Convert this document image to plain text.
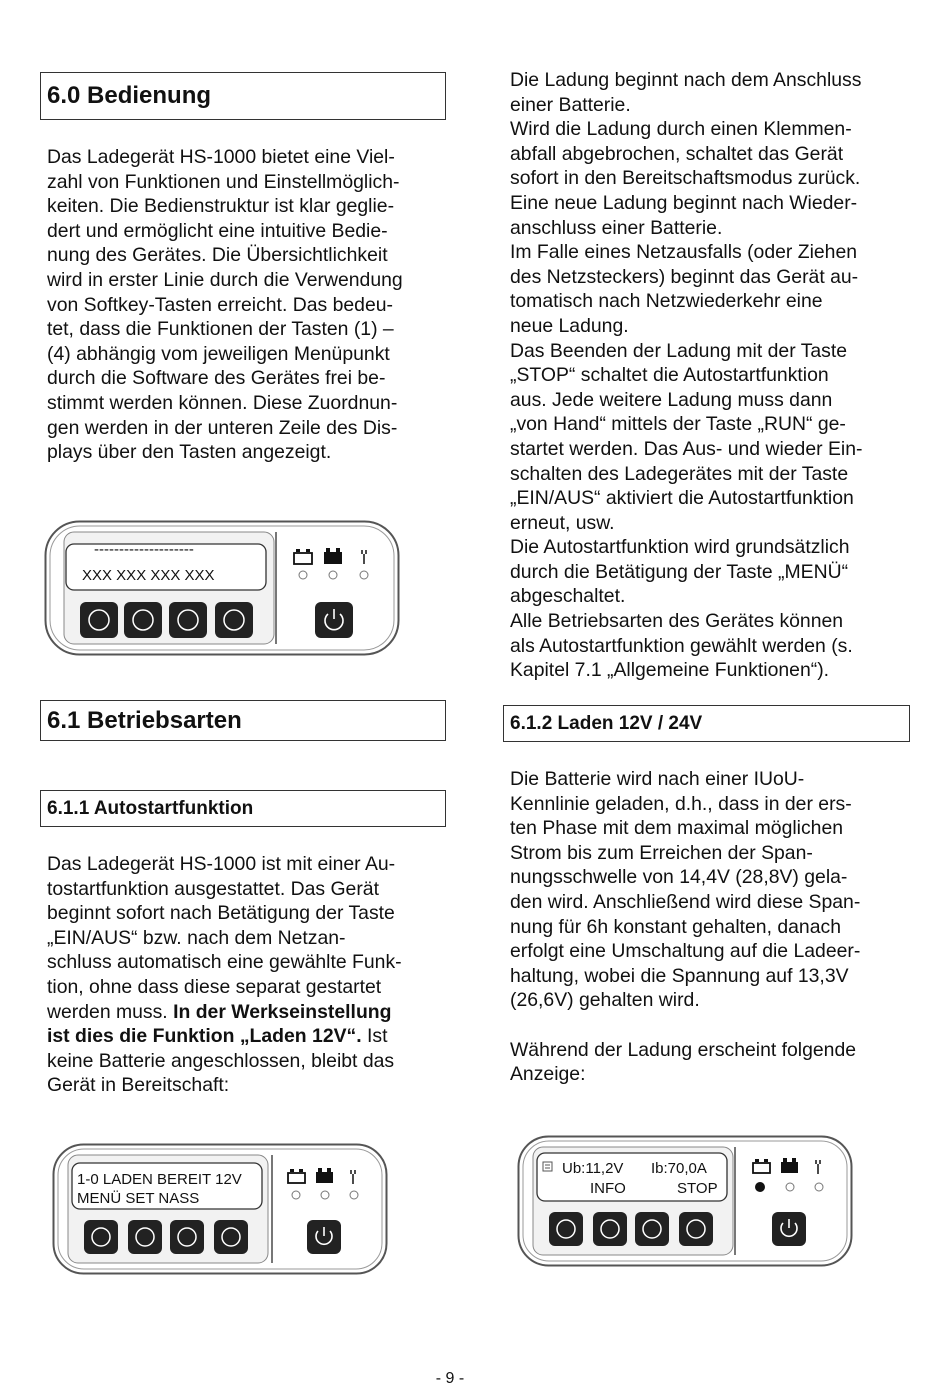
6.0 Bedienung

Das Ladegerät HS-1000 bietet eine Viel-
zahl von Funktionen und Einstellmöglich-
keiten. Die Bedienstruktur ist klar geglie-
dert und ermöglicht eine intuitive Bedie-
nung des Gerätes. Die Übersichtlichkeit
wird in erster Linie durch die Verwendung
von Softkey-Tasten erreicht. Das bedeu-
tet, dass die Funktionen der Tasten (1) –
(4) abhängig vom jeweiligen Menüpunkt
durch die Software des Gerätes frei be-
stimmt werden können. Diese Zuordnun-
gen werden in der unteren Zeile des Dis-
plays über den Tasten angezeigt.

--------------------
XXX XXX XXX XXX
6.1 Betriebsarten
6.1.1 Autostartfunktion

Das Ladegerät HS-1000 ist mit einer Au-
tostartfunktion ausgestattet. Das Gerät
beginnt sofort nach Betätigung der Taste
„EIN/AUS“ bzw. nach dem Netzan-
schluss automatisch eine gewählte Funk-
tion, ohne dass diese separat gestartet

werden muss. In der Werkseinstellung

ist dies die Funktion „Laden 12V“. Ist

keine Batterie angeschlossen, bleibt das
Gerät in Bereitschaft:

1-0 LADEN BEREIT 12V
MENÜ SET NASS

Die Ladung beginnt nach dem Anschluss
einer Batterie.
Wird die Ladung durch einen Klemmen-
abfall abgebrochen, schaltet das Gerät
sofort in den Bereitschaftsmodus zurück.
Eine neue Ladung beginnt nach Wieder-
anschluss einer Batterie.
Im Falle eines Netzausfalls (oder Ziehen
des Netzsteckers) beginnt das Gerät au-
tomatisch nach Netzwiederkehr eine
neue Ladung.
Das Beenden der Ladung mit der Taste
„STOP“ schaltet die Autostartfunktion
aus. Jede weitere Ladung muss dann
„von Hand“ mittels der Taste „RUN“ ge-
startet werden. Das Aus- und wieder Ein-
schalten des Ladegerätes mit der Taste
„EIN/AUS“ aktiviert die Autostartfunktion
erneut, usw.
Die Autostartfunktion wird grundsätzlich
durch die Betätigung der Taste „MENÜ“
abgeschaltet.
Alle Betriebsarten des Gerätes können
als Autostartfunktion gewählt werden (s.
Kapitel 7.1 „Allgemeine Funktionen“).

6.1.2 Laden 12V / 24V

Die Batterie wird nach einer IUoU-
Kennlinie geladen, d.h., dass in der ers-
ten Phase mit dem maximal möglichen
Strom bis zum Erreichen der Span-
nungsschwelle von 14,4V (28,8V) gela-
den wird. Anschließend wird diese Span-
nung für 6h konstant gehalten, danach
erfolgt eine Umschaltung auf die Ladeer-
haltung, wobei die Spannung auf 13,3V
(26,6V) gehalten wird.

Während der Ladung erscheint folgende
Anzeige:

Ub:11,2V Ib:70,0A
INFO	STOP
- 9 -
